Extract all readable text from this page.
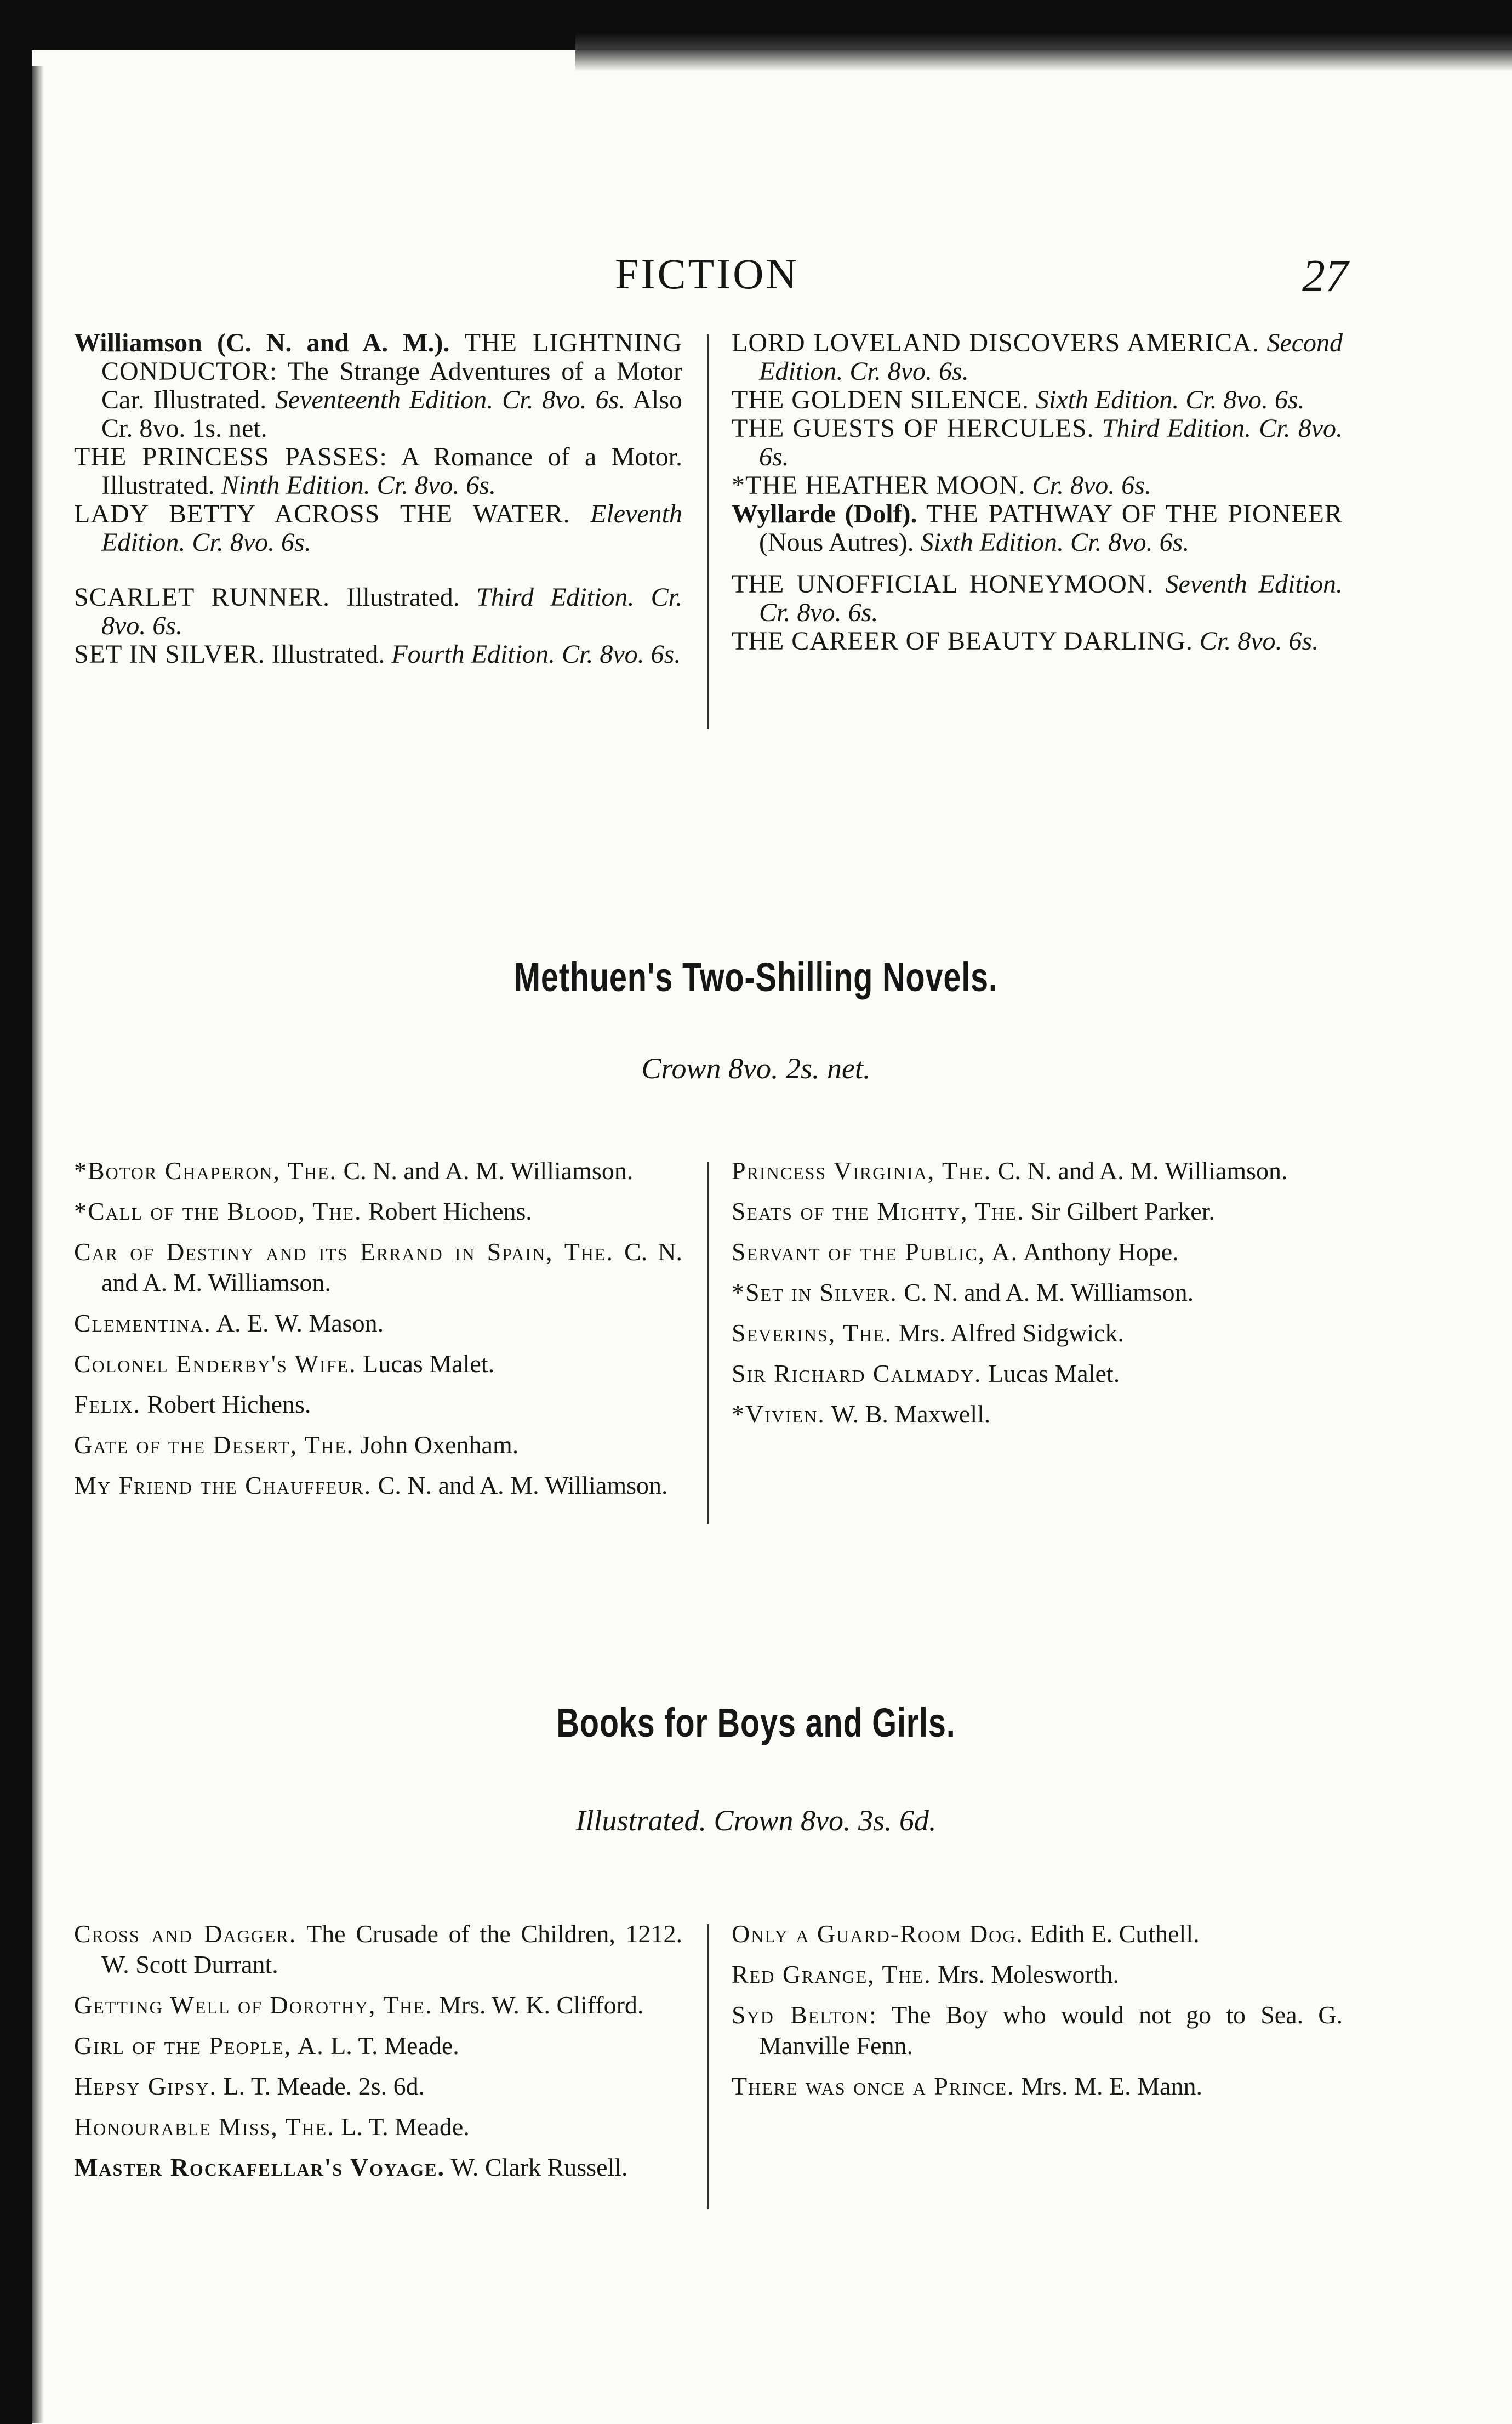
FICTION	27

Williamson (C. N. and A. M.). THE LIGHTNING CONDUCTOR: The Strange Adventures of a Motor Car. Illustrated. Seventeenth Edition. Cr. 8vo. 6s. Also Cr. 8vo. 1s. net.

THE PRINCESS PASSES: A Romance of a Motor. Illustrated. Ninth Edition. Cr. 8vo. 6s.

LADY BETTY ACROSS THE WATER. Eleventh Edition. Cr. 8vo. 6s.

SCARLET RUNNER. Illustrated. Third Edition. Cr. 8vo. 6s.

SET IN SILVER. Illustrated. Fourth Edition. Cr. 8vo. 6s.

LORD LOVELAND DISCOVERS AMERICA. Second Edition. Cr. 8vo. 6s.

THE GOLDEN SILENCE. Sixth Edition. Cr. 8vo. 6s.

THE GUESTS OF HERCULES. Third Edition. Cr. 8vo. 6s.

*THE HEATHER MOON. Cr. 8vo. 6s.

Wyllarde (Dolf). THE PATHWAY OF THE PIONEER (Nous Autres). Sixth Edition. Cr. 8vo. 6s.

THE UNOFFICIAL HONEYMOON. Seventh Edition. Cr. 8vo. 6s.

THE CAREER OF BEAUTY DARLING. Cr. 8vo. 6s.

Methuen's Two-Shilling Novels.
Crown 8vo. 2s. net.

*Botor Chaperon, The. C. N. and A. M. Williamson.

*Call of the Blood, The. Robert Hichens.

Car of Destiny and its Errand in Spain, The. C. N. and A. M. Williamson.

Clementina. A. E. W. Mason.

Colonel Enderby's Wife. Lucas Malet.

Felix. Robert Hichens.

Gate of the Desert, The. John Oxenham.

My Friend the Chauffeur. C. N. and A. M. Williamson.

Princess Virginia, The. C. N. and A. M. Williamson.

Seats of the Mighty, The. Sir Gilbert Parker.

Servant of the Public, A. Anthony Hope.

*Set in Silver. C. N. and A. M. Williamson.

Severins, The. Mrs. Alfred Sidgwick.

Sir Richard Calmady. Lucas Malet.

*Vivien. W. B. Maxwell.

Books for Boys and Girls.
Illustrated. Crown 8vo. 3s. 6d.

Cross and Dagger. The Crusade of the Children, 1212. W. Scott Durrant.

Getting Well of Dorothy, The. Mrs. W. K. Clifford.

Girl of the People, A. L. T. Meade.

Hepsy Gipsy. L. T. Meade. 2s. 6d.

Honourable Miss, The. L. T. Meade.

Master Rockafellar's Voyage. W. Clark Russell.

Only a Guard-Room Dog. Edith E. Cuthell.

Red Grange, The. Mrs. Molesworth.

Syd Belton: The Boy who would not go to Sea. G. Manville Fenn.

There was once a Prince. Mrs. M. E. Mann.
